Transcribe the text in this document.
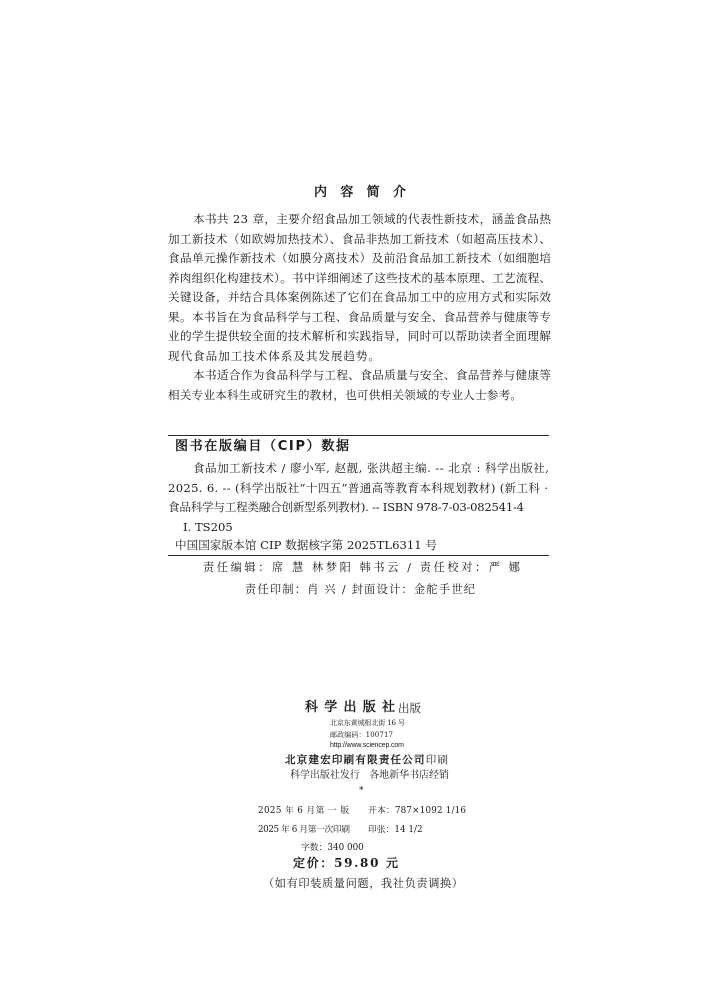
内 容 简 介
本书共 23 章，主要介绍食品加工领域的代表性新技术，涵盖食品热
加工新技术（如欧姆加热技术）、食品非热加工新技术（如超高压技术）、
食品单元操作新技术（如膜分离技术）及前沿食品加工新技术（如细胞培
养肉组织化构建技术）。书中详细阐述了这些技术的基本原理、工艺流程、
关键设备，并结合具体案例陈述了它们在食品加工中的应用方式和实际效
果。本书旨在为食品科学与工程、食品质量与安全、食品营养与健康等专
业的学生提供较全面的技术解析和实践指导，同时可以帮助读者全面理解
现代食品加工技术体系及其发展趋势。
本书适合作为食品科学与工程、食品质量与安全、食品营养与健康等
相关专业本科生或研究生的教材，也可供相关领域的专业人士参考。
图书在版编目（CIP）数据
食品加工新技术 / 廖小军, 赵靓, 张洪超主编. -- 北京 : 科学出版社,
2025. 6. -- (科学出版社“十四五”普通高等教育本科规划教材) (新工科 ·
食品科学与工程类融合创新型系列教材). -- ISBN 978-7-03-082541-4
Ⅰ. TS205
中国国家版本馆 CIP 数据核字第 2025TL6311 号
责任编辑：席 慧 林梦阳 韩书云 / 责任校对：严 娜
责任印制：肖 兴 / 封面设计：金舵手世纪
科学出版社
出版
北京东黄城根北街 16 号
邮政编码：100717
http://www.sciencep.com
北京建宏印刷有限责任公司印刷
科学出版社发行   各地新华书店经销
*
2025 年 6 月第 一 版 开本：787×1092 1/16
2025 年 6 月第一次印刷 印张：14 1/2
字数：340 000
定价：59.80 元
（如有印装质量问题，我社负责调换）
